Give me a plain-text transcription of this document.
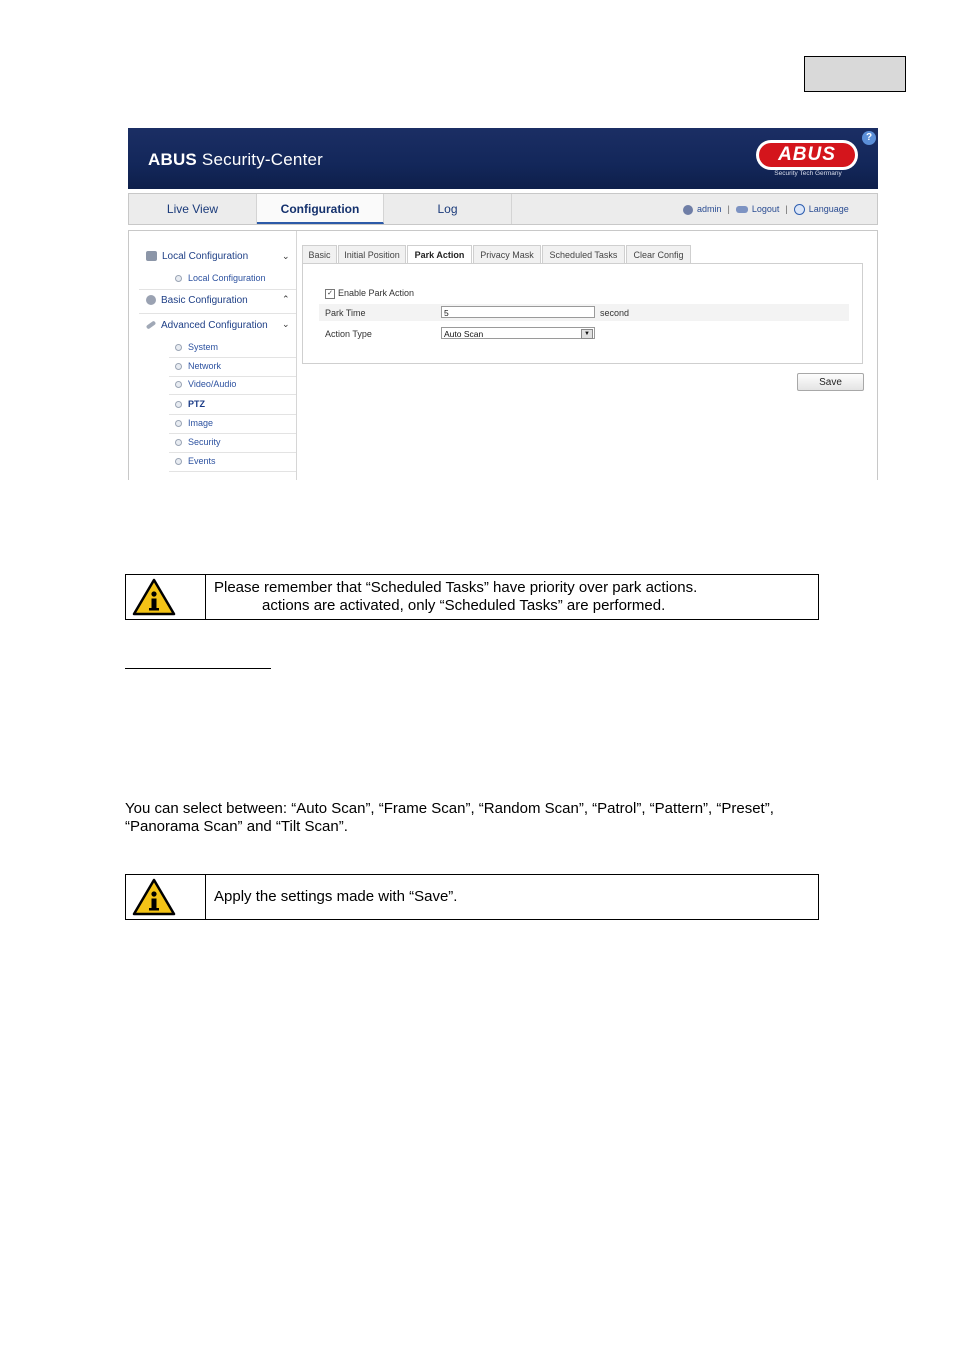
ABUS Security-Center	ABUS
Security Tech Germany
?
Live View	Configuration	Log	admin | Logout | Language
Local Configuration	⌄
Local Configuration
Basic Configuration	⌃
Advanced Configuration ⌄
System
Network
Video/Audio
PTZ
Image
Security
Events
Basic	Initial Position	Park Action	Privacy Mask	Scheduled Tasks	Clear Config
✓ Enable Park Action
Park Time	5	second
Action Type	Auto Scan	▼
Save
Please remember that “Scheduled Tasks” have priority over park actions.
actions are activated, only “Scheduled Tasks” are performed.
You can select between: “Auto Scan”, “Frame Scan”, “Random Scan”, “Patrol”, “Pattern”, “Preset”,
“Panorama Scan” and “Tilt Scan”.
Apply the settings made with “Save”.
